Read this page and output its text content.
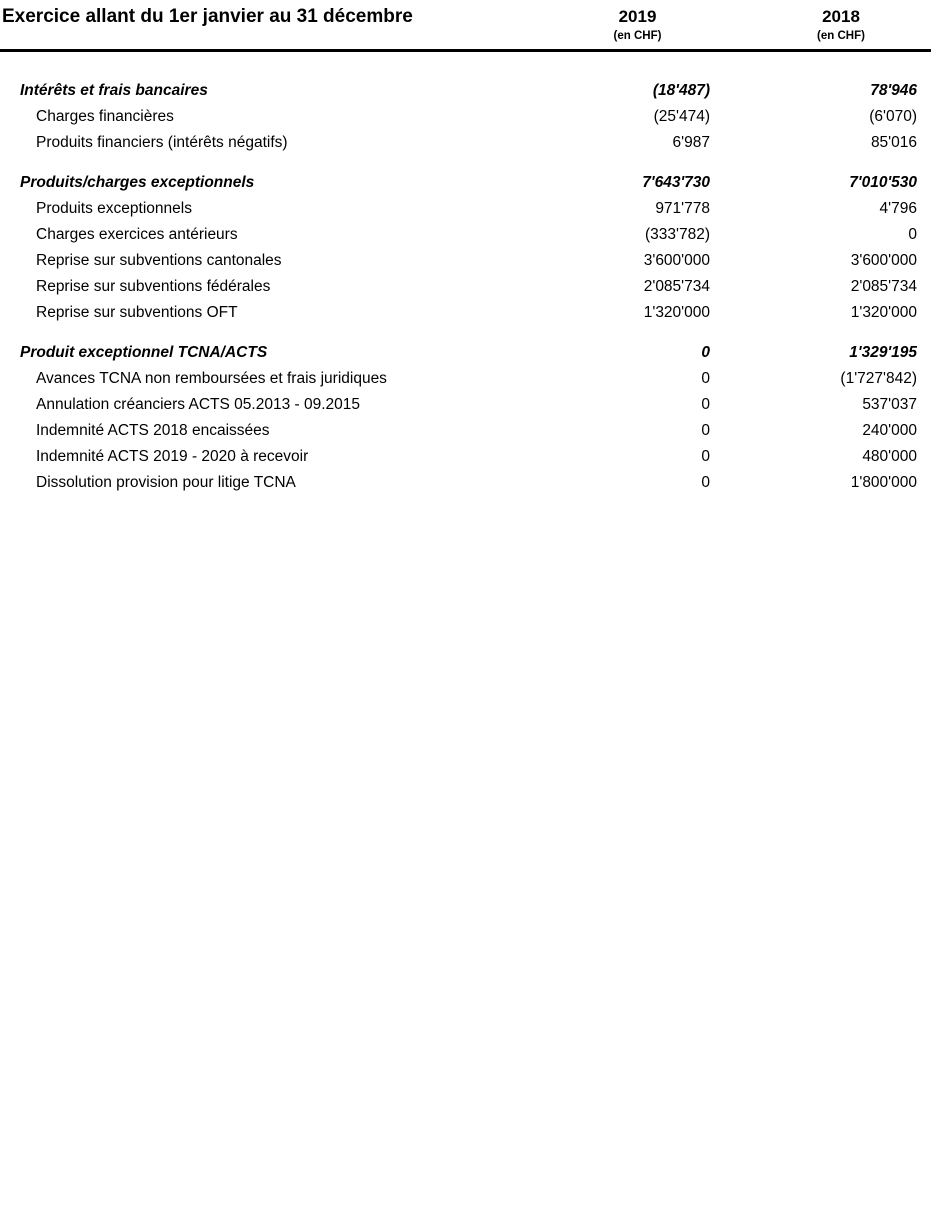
Exercice allant du 1er janvier au 31 décembre	2019	2018
(en CHF)	(en CHF)
Intérêts et frais bancaires	(18'487)	78'946
Charges financières	(25'474)	(6'070)
Produits financiers (intérêts négatifs)	6'987	85'016
Produits/charges exceptionnels	7'643'730	7'010'530
Produits exceptionnels	971'778	4'796
Charges exercices antérieurs	(333'782)	0
Reprise sur subventions cantonales	3'600'000	3'600'000
Reprise sur subventions fédérales	2'085'734	2'085'734
Reprise sur subventions OFT	1'320'000	1'320'000
Produit exceptionnel TCNA/ACTS	0	1'329'195
Avances TCNA non remboursées et frais juridiques	0	(1'727'842)
Annulation créanciers ACTS 05.2013 - 09.2015	0	537'037
Indemnité ACTS 2018 encaissées	0	240'000
Indemnité ACTS 2019 - 2020 à recevoir	0	480'000
Dissolution provision pour litige TCNA	0	1'800'000
